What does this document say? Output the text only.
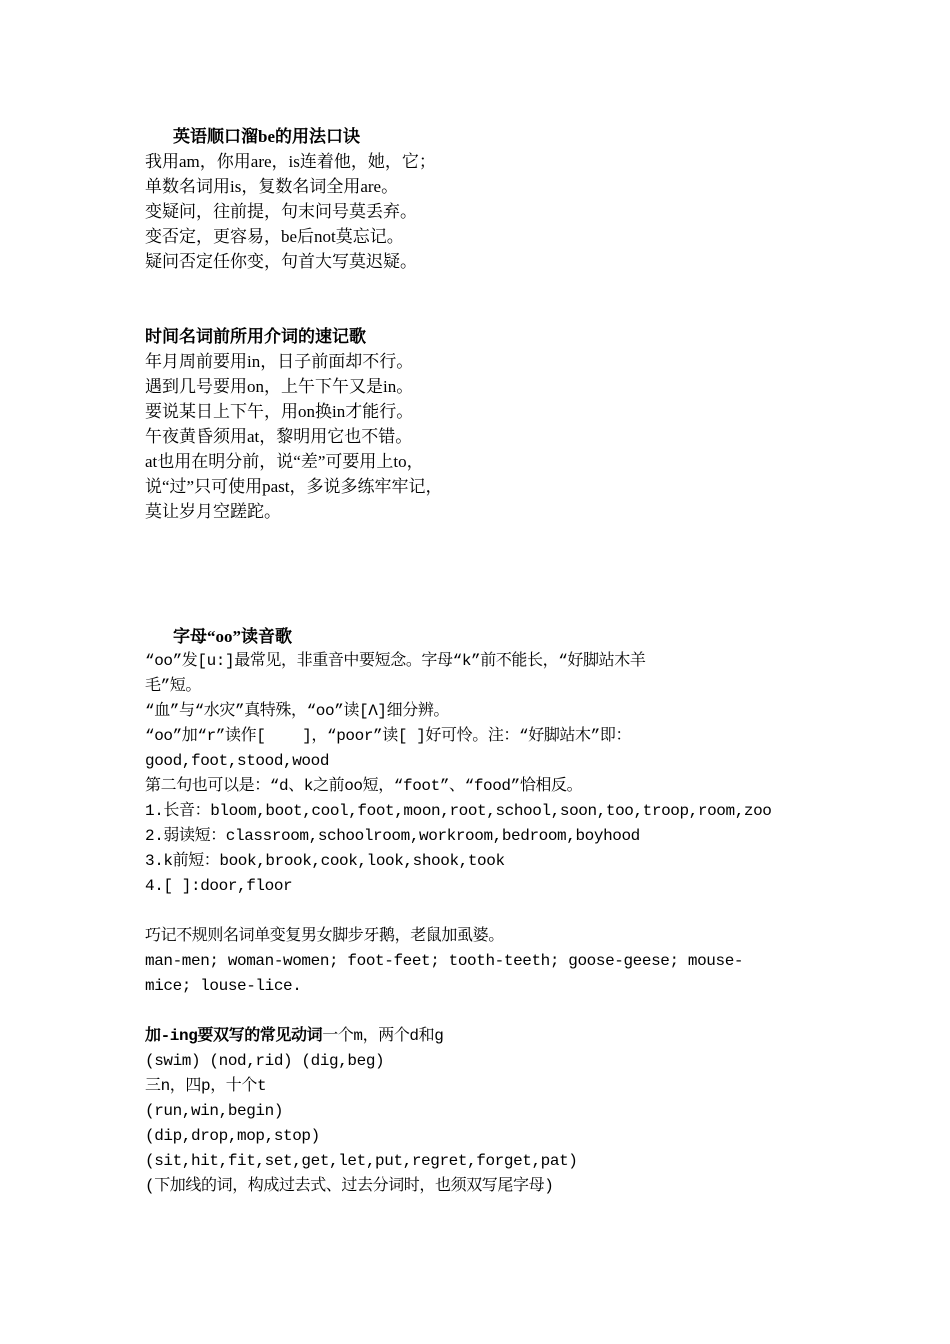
英语顺口溜be的用法口诀
我用am，你用are，is连着他，她，它；
单数名词用is，复数名词全用are。
变疑问，往前提，句末问号莫丢弃。
变否定，更容易，be后not莫忘记。
疑问否定任你变，句首大写莫迟疑。
时间名词前所用介词的速记歌
年月周前要用in，日子前面却不行。
遇到几号要用on，上午下午又是in。
要说某日上下午，用on换in才能行。
午夜黄昏须用at，黎明用它也不错。
at也用在明分前，说“差”可要用上to，
说“过”只可使用past，多说多练牢牢记，
莫让岁月空蹉跎。
字母“oo”读音歌
“oo”发[u:]最常见，非重音中要短念。字母“k”前不能长，“好脚站木羊
毛”短。
“血”与“水灾”真特殊，“oo”读[Λ]细分辨。
“oo”加“r”读作[    ]，“poor”读[ ]好可怜。注：“好脚站木”即：
good,foot,stood,wood
第二句也可以是：“d、k之前oo短，“foot”、“food”恰相反。
1.长音：bloom,boot,cool,foot,moon,root,school,soon,too,troop,room,zoo
2.弱读短：classroom,schoolroom,workroom,bedroom,boyhood
3.k前短：book,brook,cook,look,shook,took
4.[ ]:door,floor
巧记不规则名词单变复男女脚步牙鹅，老鼠加虱婆。
man-men; woman-women; foot-feet; tooth-teeth; goose-geese; mouse-
mice; louse-lice.
加-ing要双写的常见动词一个m，两个d和g
(swim) (nod,rid) (dig,beg)
三n，四p，十个t
(run,win,begin)
(dip,drop,mop,stop)
(sit,hit,fit,set,get,let,put,regret,forget,pat)
(下加线的词，构成过去式、过去分词时，也须双写尾字母)
